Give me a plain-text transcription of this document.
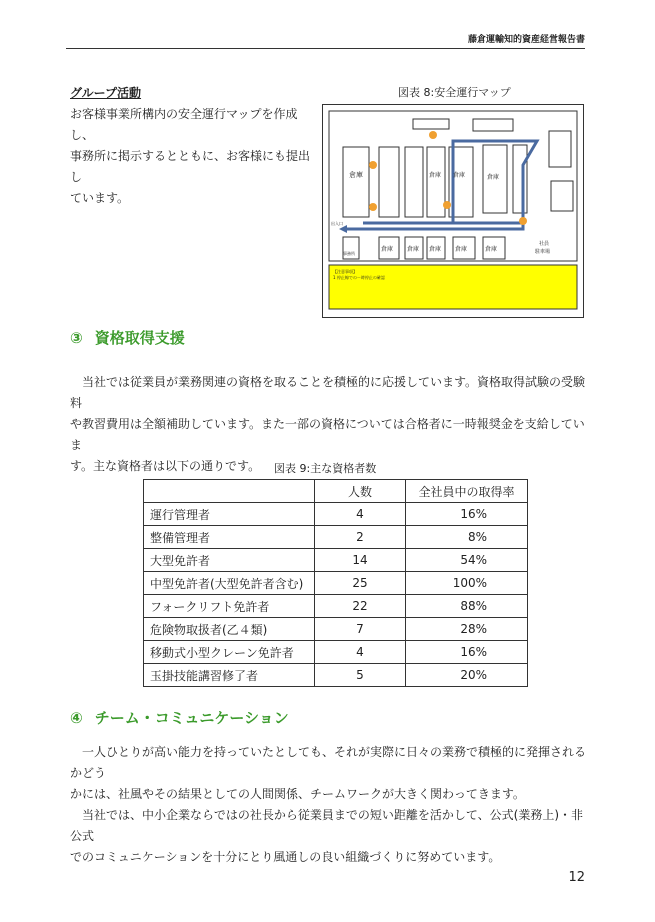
藤倉運輸知的資産経営報告書
グループ活動
お客様事業所構内の安全運行マップを作成し、
事務所に掲示するとともに、お客様にも提出し
ています。
図表 8:安全運行マップ
【注意事項】
1 停止線でのー時停止の確認
倉庫	倉庫 倉庫	倉庫
倉庫 倉庫 倉庫 倉庫	倉庫
事務所
社員
駐車場
出入口
③ 資格取得支援
当社では従業員が業務関連の資格を取ることを積極的に応援しています。資格取得試験の受験料
や教習費用は全額補助しています。また一部の資格については合格者に一時報奨金を支給していま
す。主な資格者は以下の通りです。	図表 9:主な資格者数
	人数	全社員中の取得率
運行管理者	4	16%
整備管理者	2	8%
大型免許者	14	54%
中型免許者(大型免許者含む)	25	100%
フォークリフト免許者	22	88%
危険物取扱者(乙４類)	7	28%
移動式小型クレーン免許者	4	16%
玉掛技能講習修了者	5	20%
④ チーム・コミュニケーション
一人ひとりが高い能力を持っていたとしても、それが実際に日々の業務で積極的に発揮されるかどう
かには、社風やその結果としての人間関係、チームワークが大きく関わってきます。
当社では、中小企業ならではの社長から従業員までの短い距離を活かして、公式(業務上)・非公式
でのコミュニケーションを十分にとり風通しの良い組織づくりに努めています。
12
